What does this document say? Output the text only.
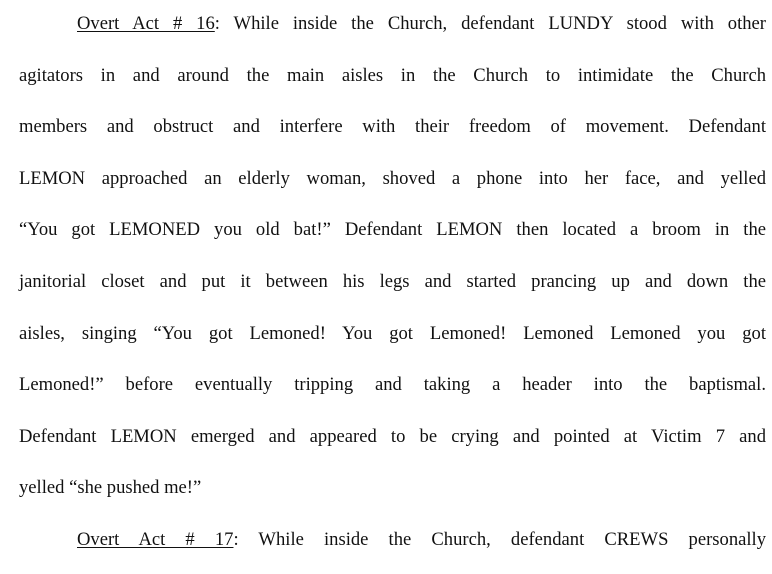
Overt Act # 16: While inside the Church, defendant LUNDY stood with other
agitators in and around the main aisles in the Church to intimidate the Church
members and obstruct and interfere with their freedom of movement. Defendant
LEMON approached an elderly woman, shoved a phone into her face, and yelled
“You got LEMONED you old bat!” Defendant LEMON then located a broom in the
janitorial closet and put it between his legs and started prancing up and down the
aisles, singing “You got Lemoned! You got Lemoned! Lemoned Lemoned you got
Lemoned!” before eventually tripping and taking a header into the baptismal.
Defendant LEMON emerged and appeared to be crying and pointed at Victim 7 and
yelled “she pushed me!”
Overt Act # 17: While inside the Church, defendant CREWS personally
